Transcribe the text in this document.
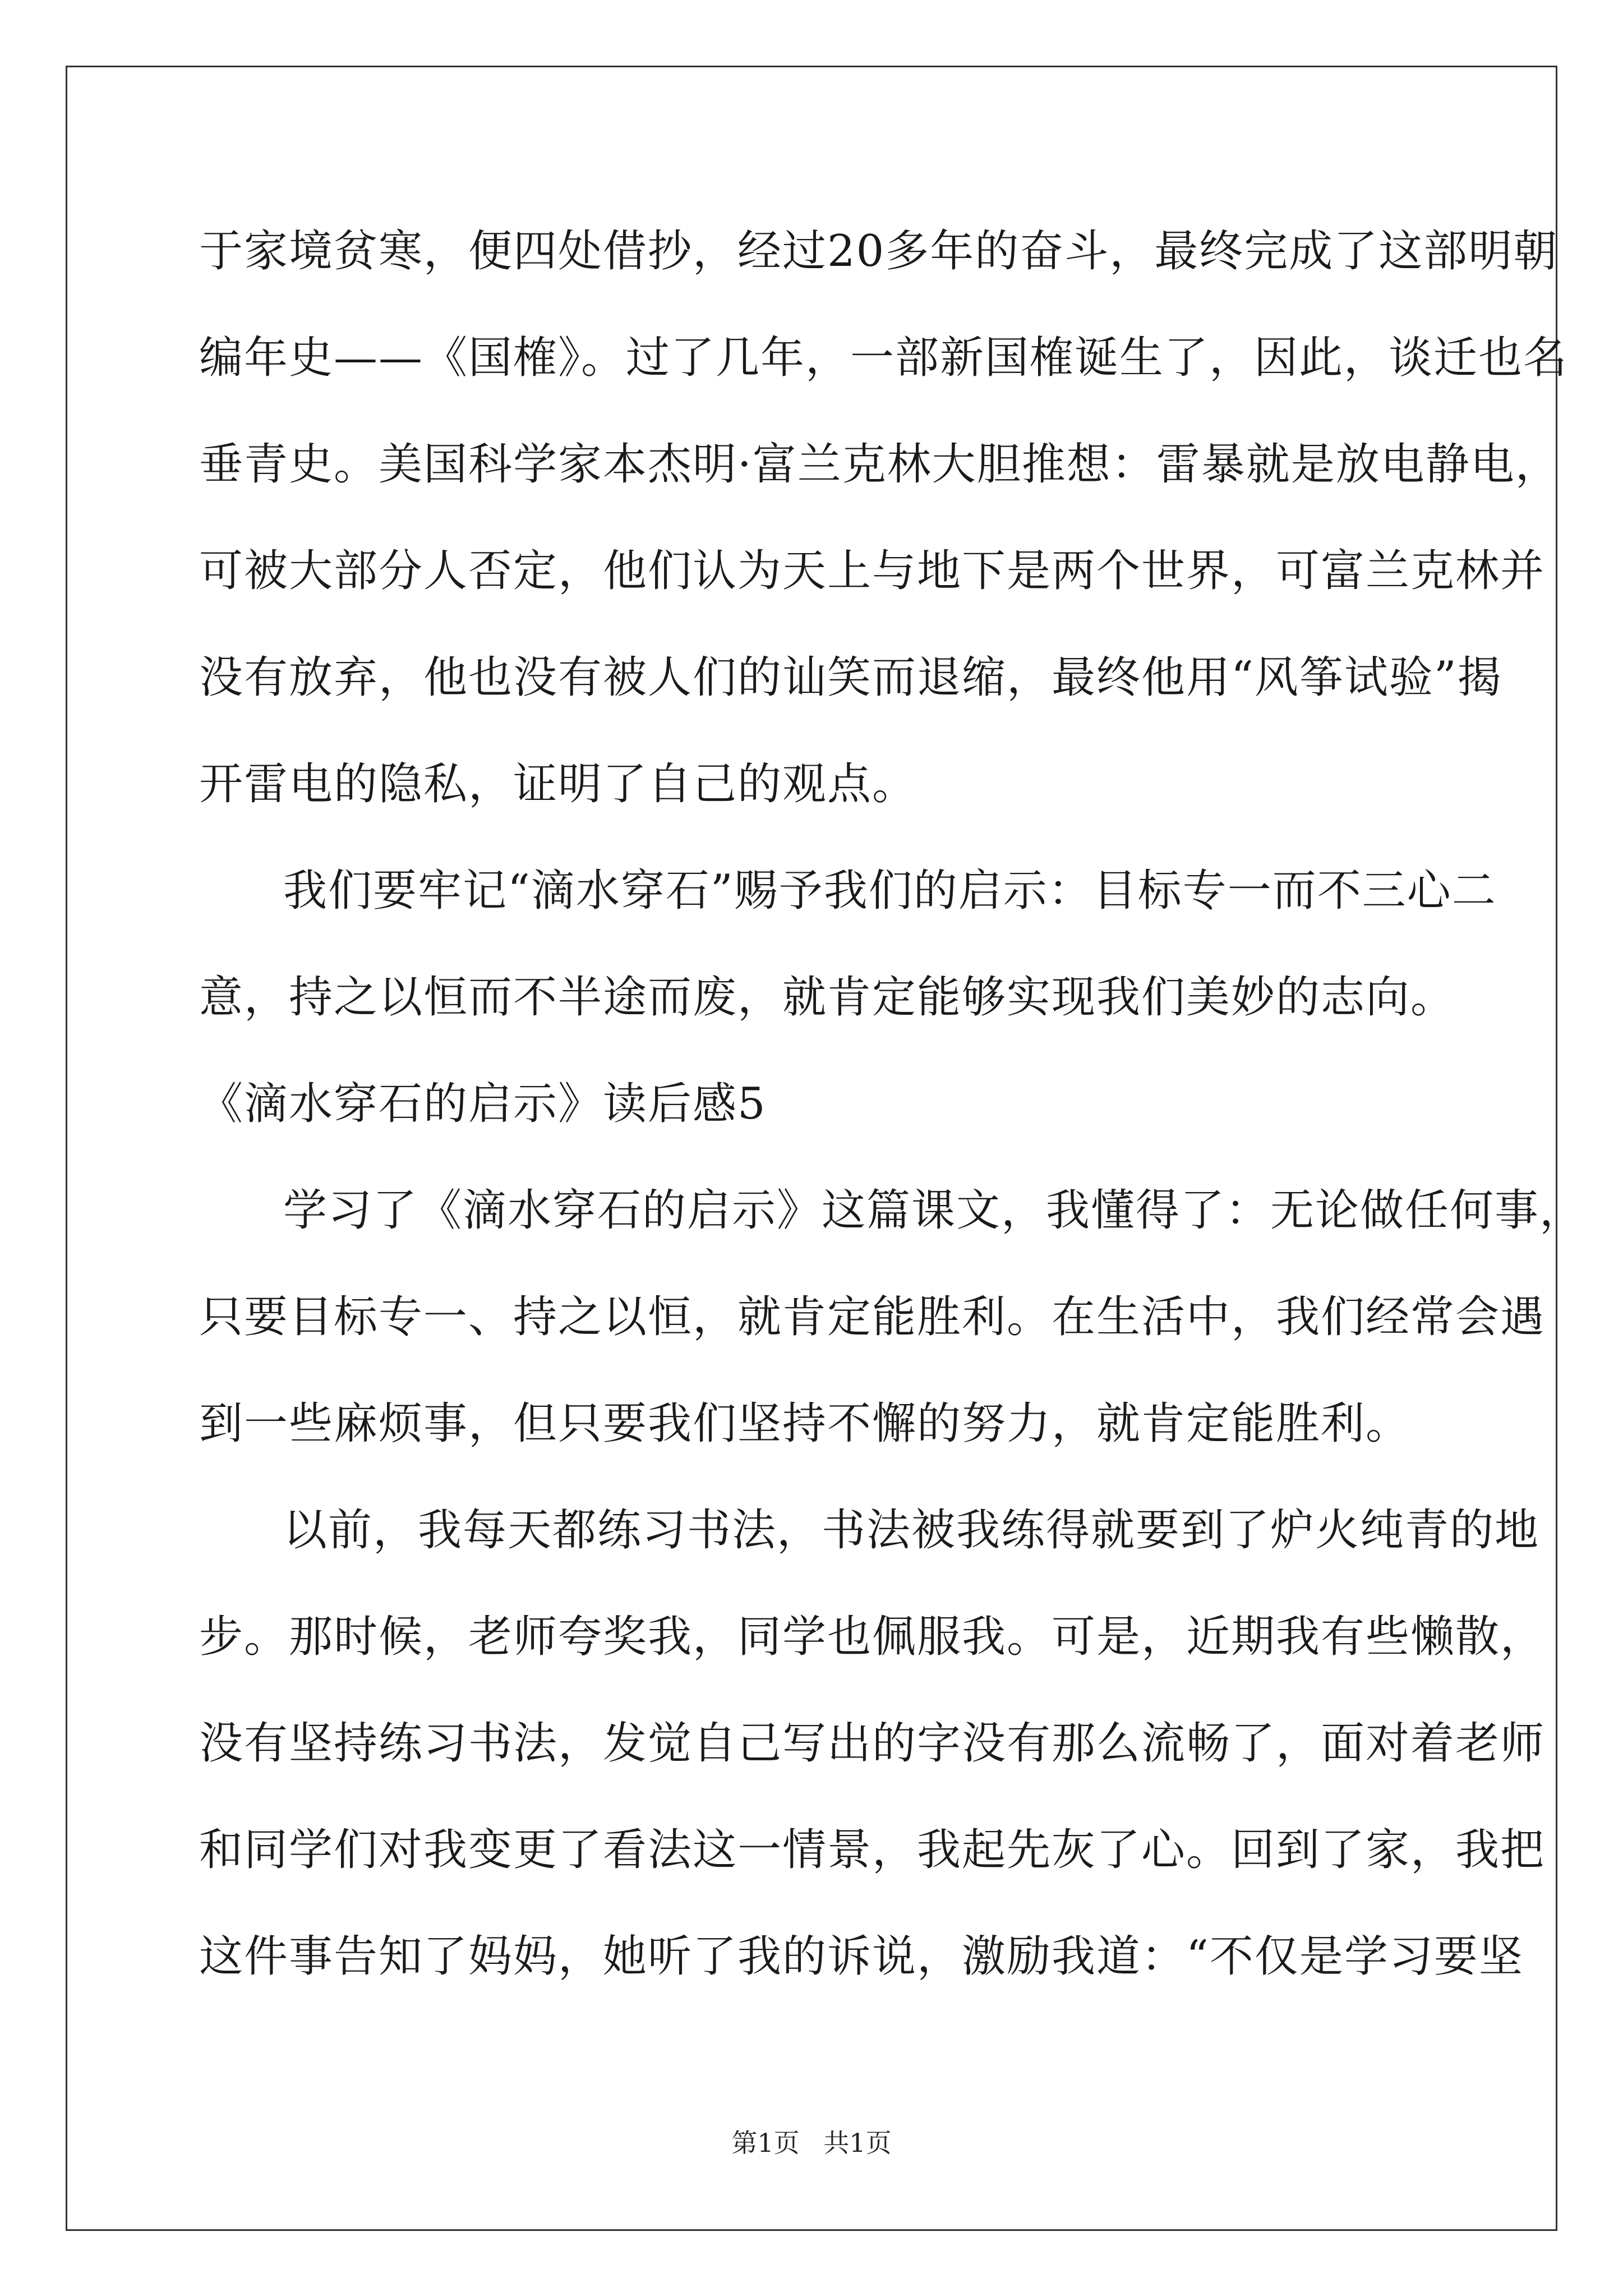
于家境贫寒，便四处借抄，经过20多年的奋斗，最终完成了这部明朝
编年史——《国榷》。过了几年，一部新国榷诞生了，因此，谈迁也名
垂青史。美国科学家本杰明·富兰克林大胆推想：雷暴就是放电静电，
可被大部分人否定，他们认为天上与地下是两个世界，可富兰克林并
没有放弃，他也没有被人们的讪笑而退缩，最终他用“风筝试验”揭
开雷电的隐私，证明了自己的观点。
我们要牢记“滴水穿石”赐予我们的启示：目标专一而不三心二
意，持之以恒而不半途而废，就肯定能够实现我们美妙的志向。
《滴水穿石的启示》读后感5
学习了《滴水穿石的启示》这篇课文，我懂得了：无论做任何事，
只要目标专一、持之以恒，就肯定能胜利。在生活中，我们经常会遇
到一些麻烦事，但只要我们坚持不懈的努力，就肯定能胜利。
以前，我每天都练习书法，书法被我练得就要到了炉火纯青的地
步。那时候，老师夸奖我，同学也佩服我。可是，近期我有些懒散，
没有坚持练习书法，发觉自己写出的字没有那么流畅了，面对着老师
和同学们对我变更了看法这一情景，我起先灰了心。回到了家，我把
这件事告知了妈妈，她听了我的诉说，激励我道：“不仅是学习要坚
第1页 共1页
